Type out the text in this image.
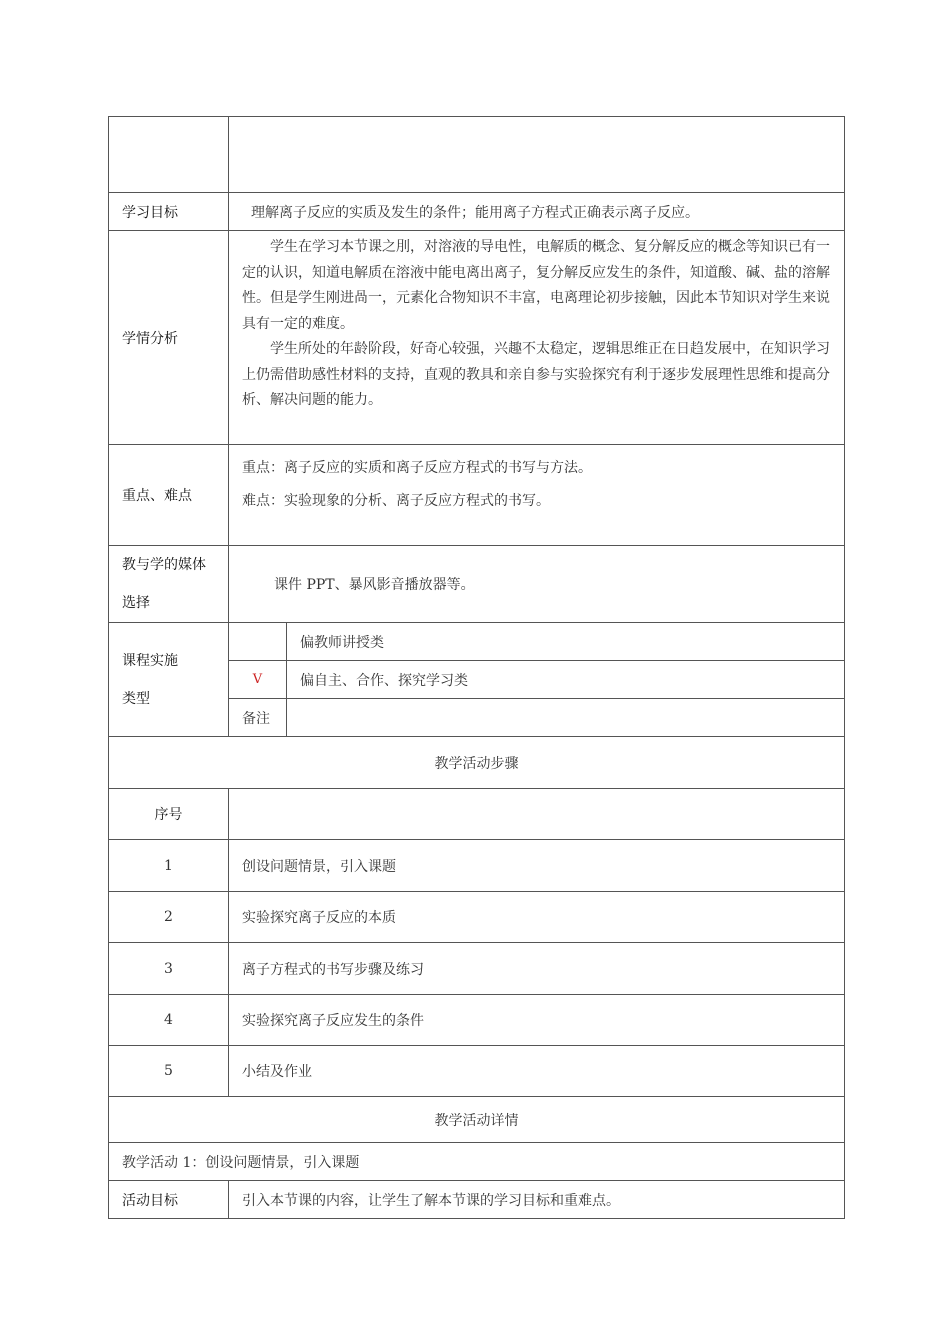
学习目标	理解离子反应的实质及发生的条件；能用离子方程式正确表示离子反应。	
学情分析	学生在学习本节课之刖，对溶液的导电性，电解质的概念、复分解反应的概念等知识已有一定的认识，知道电解质在溶液中能电离出离子，复分解反应发生的条件，知道酸、碱、盐的溶解性。但是学生刚进咼一，元素化合物知识不丰富，电离理论初步接触，因此本节知识对学生来说具有一定的难度。

学生所处的年龄阶段，好奇心较强，兴趣不太稳定，逻辑思维正在日趋发展中，在知识学习上仍需借助感性材料的支持，直观的教具和亲自参与实验探究有利于逐步发展理性思维和提高分析、解决问题的能力。	

重点、难点	重点：离子反应的实质和离子反应方程式的书写与方法。

难点：实验现象的分析、离子反应方程式的书写。	

教与学的媒体
选择	课件 PPT、暴风影音播放器等。	

课程实施
类型		偏教师讲授类
	V	偏自主、合作、探究学习类
	备注	
教学活动步骤		
序号		
1	创设问题情景，引入课题	
2	实验探究离子反应的本质	
3	离子方程式的书写步骤及练习	
4	实验探究离子反应发生的条件	
5	小结及作业	
教学活动详情		
教学活动 1：创设问题情景，引入课题		
活动目标	引入本节课的内容，让学生了解本节课的学习目标和重难点。	
